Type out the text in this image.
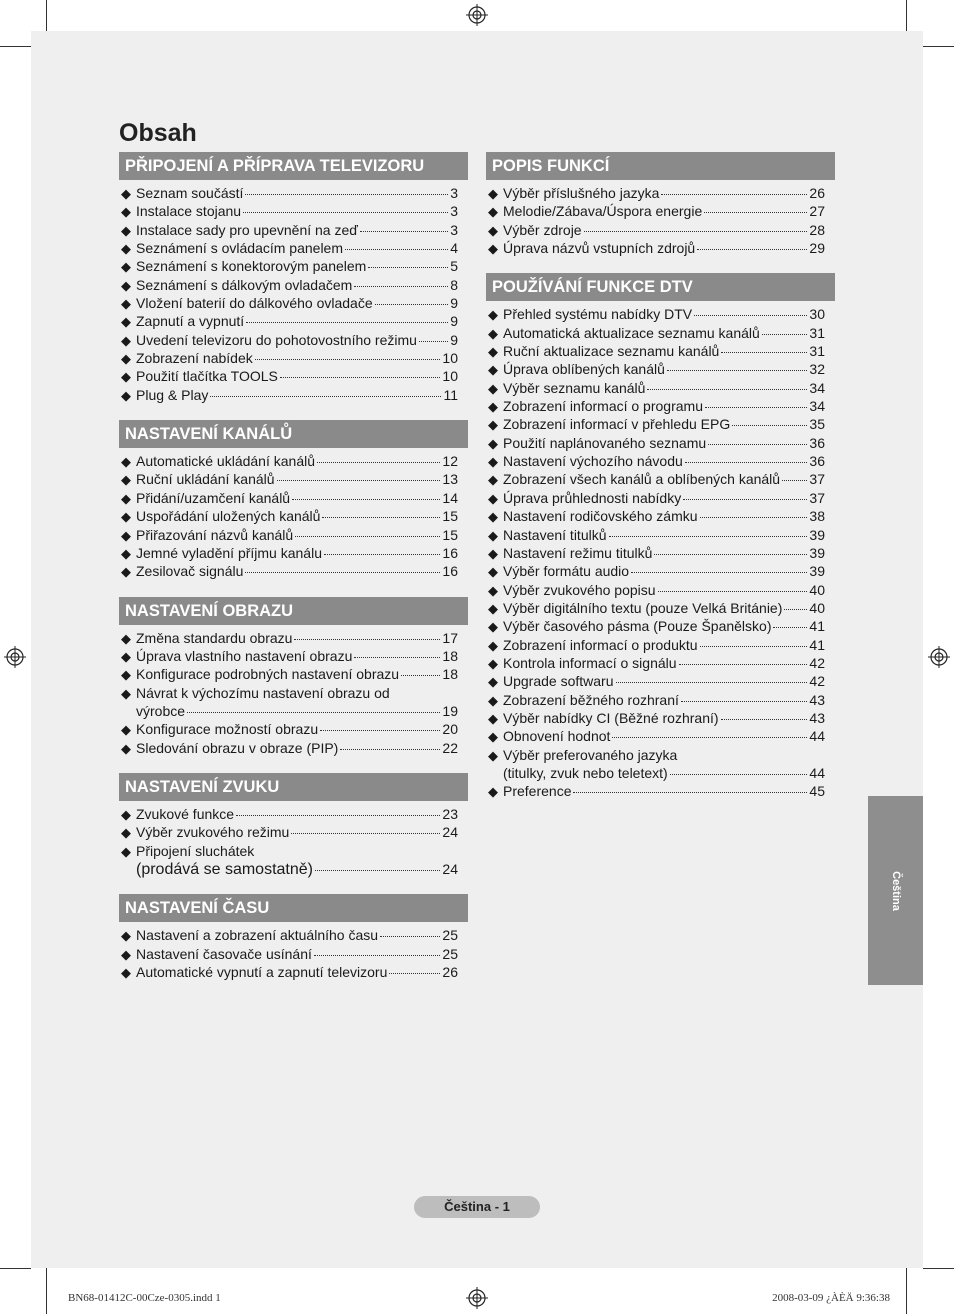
Obsah
PŘIPOJENÍ A PŘÍPRAVA TELEVIZORU
◆ Seznam součástí	3
◆ Instalace stojanu	3
◆ Instalace sady pro upevnění na zeď	3
◆ Seznámení s ovládacím panelem	4
◆ Seznámení s konektorovým panelem	5
◆ Seznámení s dálkovým ovladačem	8
◆ Vložení baterií do dálkového ovladače	9
◆ Zapnutí a vypnutí	9
◆ Uvedení televizoru do pohotovostního režimu 9
◆ Zobrazení nabídek	10
◆ Použití tlačítka TOOLS	10
◆ Plug & Play	11
NASTAVENÍ KANÁLŮ
◆ Automatické ukládání kanálů	12
◆ Ruční ukládání kanálů	13
◆ Přidání/uzamčení kanálů	14
◆ Uspořádání uložených kanálů	15
◆ Přiřazování názvů kanálů	15
◆ Jemné vyladění příjmu kanálu	16
◆ Zesilovač signálu	16
NASTAVENÍ OBRAZU
◆ Změna standardu obrazu	17
◆ Úprava vlastního nastavení obrazu	18
◆ Konfigurace podrobných nastavení obrazu	18
◆ Návrat k výchozímu nastavení obrazu od
výrobce	19
◆ Konfigurace možností obrazu	20
◆ Sledování obrazu v obraze (PIP)	22
NASTAVENÍ ZVUKU
◆ Zvukové funkce	23
◆ Výběr zvukového režimu	24
◆ Připojení sluchátek
(prodává se samostatně)	24
NASTAVENÍ ČASU
◆ Nastavení a zobrazení aktuálního času	25
◆ Nastavení časovače usínání	25
◆ Automatické vypnutí a zapnutí televizoru	26
POPIS FUNKCÍ
◆ Výběr příslušného jazyka	26
◆ Melodie/Zábava/Úspora energie	27
◆ Výběr zdroje	28
◆ Úprava názvů vstupních zdrojů	29
POUŽÍVÁNÍ FUNKCE DTV
◆ Přehled systému nabídky DTV	30
◆ Automatická aktualizace seznamu kanálů	31
◆ Ruční aktualizace seznamu kanálů	31
◆ Úprava oblíbených kanálů	32
◆ Výběr seznamu kanálů	34
◆ Zobrazení informací o programu	34
◆ Zobrazení informací v přehledu EPG	35
◆ Použití naplánovaného seznamu	36
◆ Nastavení výchozího návodu	36
◆ Zobrazení všech kanálů a oblíbených kanálů 37
◆ Úprava průhlednosti nabídky	37
◆ Nastavení rodičovského zámku	38
◆ Nastavení titulků	39
◆ Nastavení režimu titulků	39
◆ Výběr formátu audio	39
◆ Výběr zvukového popisu	40
◆ Výběr digitálního textu (pouze Velká Británie) 40
◆ Výběr časového pásma (Pouze Španělsko)	41
◆ Zobrazení informací o produktu	41
◆ Kontrola informací o signálu	42
◆ Upgrade softwaru	42
◆ Zobrazení běžného rozhraní	43
◆ Výběr nabídky CI (Běžné rozhraní)	43
◆ Obnovení hodnot	44
◆ Výběr preferovaného jazyka
(titulky, zvuk nebo teletext)	44
◆ Preference	45
Čeština
Čeština - 1
BN68-01412C-00Cze-0305.indd 1	2008-03-09 ¿ÀÈÄ 9:36:38
